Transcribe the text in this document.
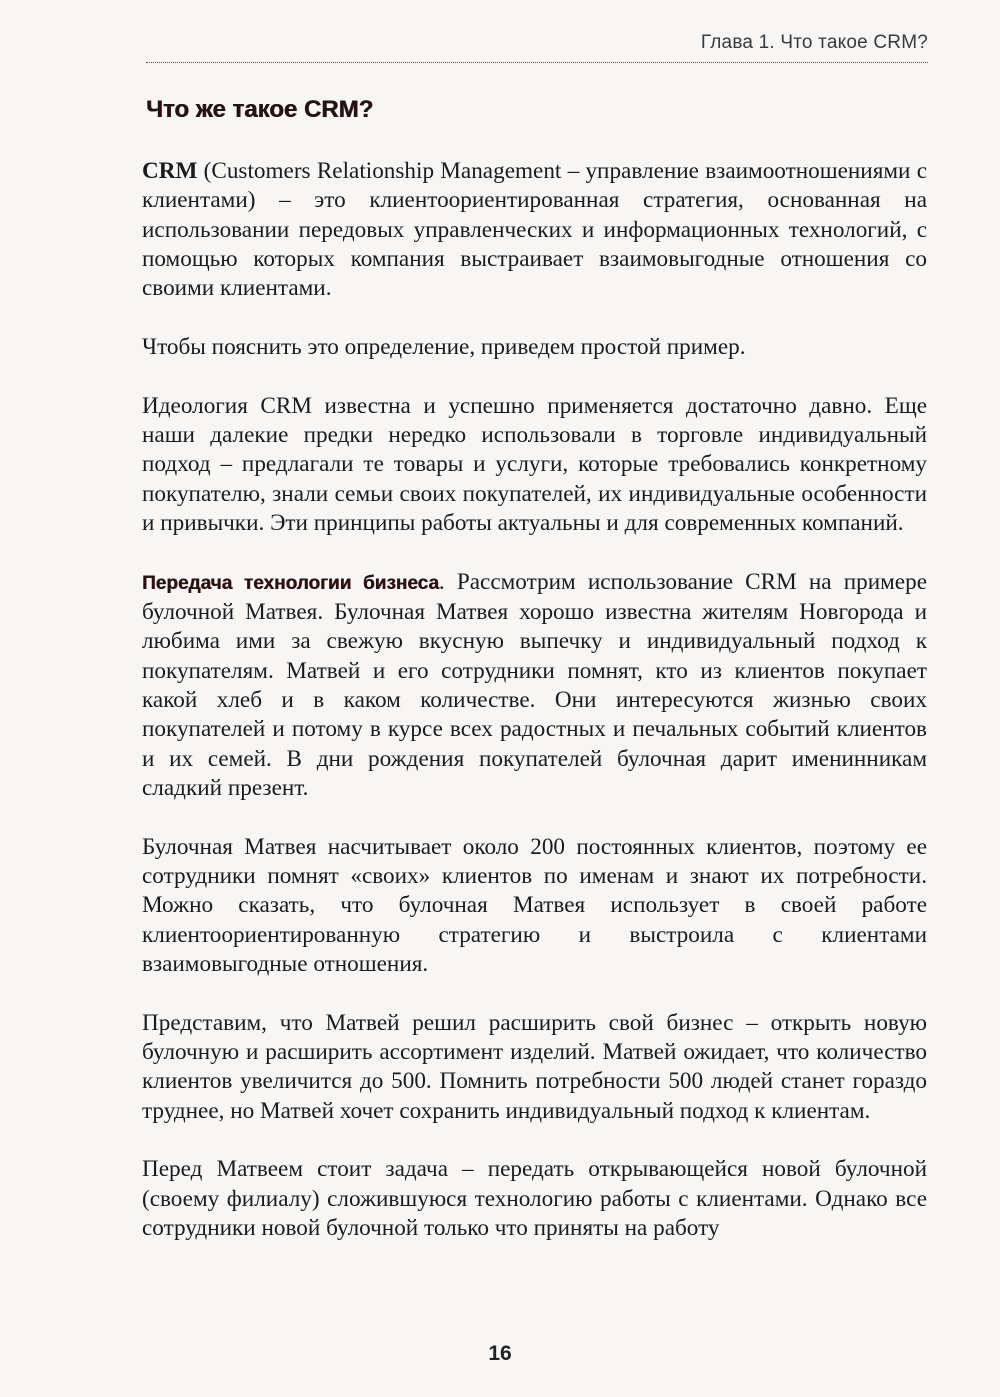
Глава 1. Что такое CRM?
Что же такое CRM?

CRM (Customers Relationship Management – управление взаимоотношениями с клиентами) – это клиентоориентированная стратегия, основанная на использовании передовых управленческих и информационных технологий, с помощью которых компания выстраивает взаимовыгодные отношения со своими клиентами.

Чтобы пояснить это определение, приведем простой пример.

Идеология CRM известна и успешно применяется достаточно давно. Еще наши далекие предки нередко использовали в торговле индивидуальный подход – предлагали те товары и услуги, которые требовались конкретному покупателю, знали семьи своих покупателей, их индивидуальные особенности и привычки. Эти принципы работы актуальны и для современных компаний.

Передача технологии бизнеса. Рассмотрим использование CRM на примере булочной Матвея. Булочная Матвея хорошо известна жителям Новгорода и любима ими за свежую вкусную выпечку и индивидуальный подход к покупателям. Матвей и его сотрудники помнят, кто из клиентов покупает какой хлеб и в каком количестве. Они интересуются жизнью своих покупателей и потому в курсе всех радостных и печальных событий клиентов и их семей. В дни рождения покупателей булочная дарит именинникам сладкий презент.

Булочная Матвея насчитывает около 200 постоянных клиентов, поэтому ее сотрудники помнят «своих» клиентов по именам и знают их потребности. Можно сказать, что булочная Матвея использует в своей работе клиентоориентированную стратегию и выстроила с клиентами взаимовыгодные отношения.

Представим, что Матвей решил расширить свой бизнес – открыть новую булочную и расширить ассортимент изделий. Матвей ожидает, что количество клиентов увеличится до 500. Помнить потребности 500 людей станет гораздо труднее, но Матвей хочет сохранить индивидуальный подход к клиентам.

Перед Матвеем стоит задача – передать открывающейся новой булочной (своему филиалу) сложившуюся технологию работы с клиентами. Однако все сотрудники новой булочной только что приняты на работу

16
